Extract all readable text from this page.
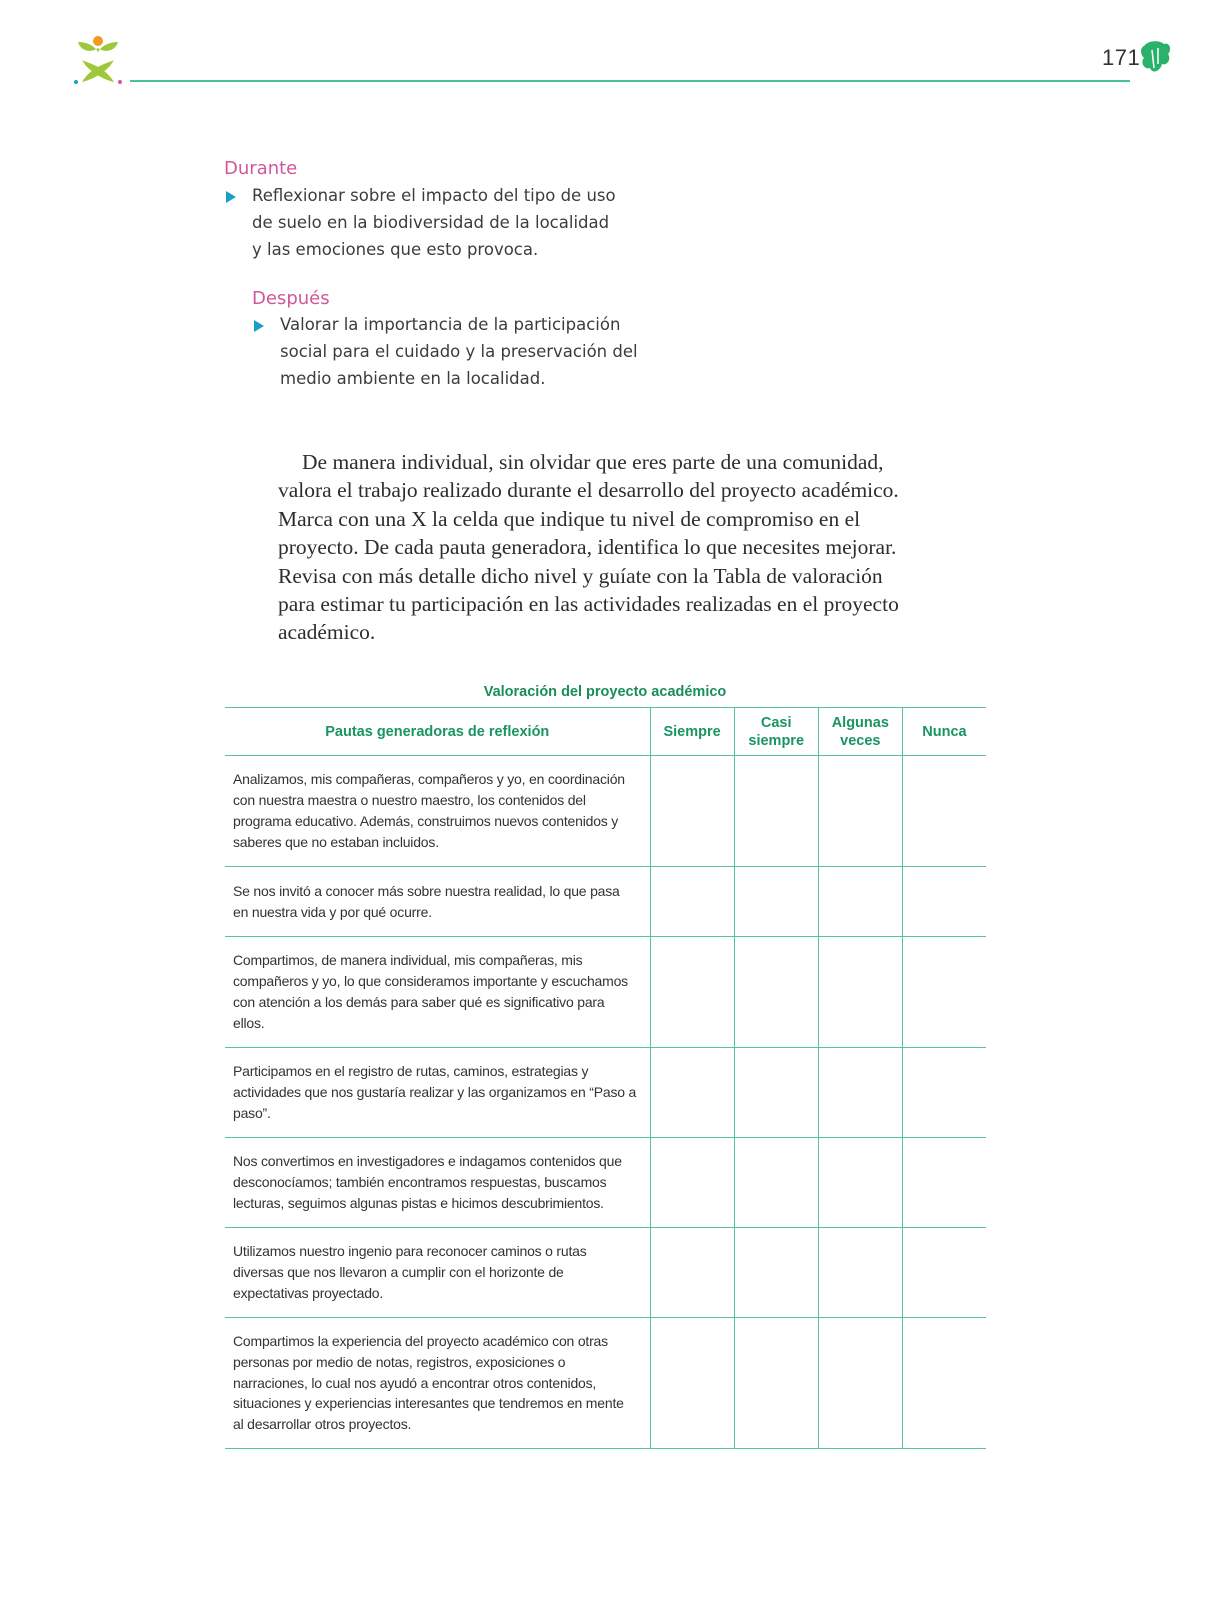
171
Durante
Reflexionar sobre el impacto del tipo de uso de suelo en la biodiversidad de la localidad y las emociones que esto provoca.
Después
Valorar la importancia de la participación social para el cuidado y la preservación del medio ambiente en la localidad.

De manera individual, sin olvidar que eres parte de una comunidad, valora el trabajo realizado durante el desarrollo del proyecto académico. Marca con una X la celda que indique tu nivel de compromiso en el proyecto. De cada pauta generadora, identifica lo que necesites mejorar. Revisa con más detalle dicho nivel y guíate con la Tabla de valoración para estimar tu participación en las actividades realizadas en el proyecto académico.

Valoración del proyecto académico
Pautas generadoras de reflexión	Siempre	Casi siempre	Algunas veces	Nunca
Analizamos, mis compañeras, compañeros y yo, en coordinación con nuestra maestra o nuestro maestro, los contenidos del programa educativo. Además, construimos nuevos contenidos y saberes que no estaban incluidos.				
Se nos invitó a conocer más sobre nuestra realidad, lo que pasa en nuestra vida y por qué ocurre.				
Compartimos, de manera individual, mis compañeras, mis compañeros y yo, lo que consideramos importante y escuchamos con atención a los demás para saber qué es significativo para ellos.				
Participamos en el registro de rutas, caminos, estrategias y actividades que nos gustaría realizar y las organizamos en “Paso a paso”.				
Nos convertimos en investigadores e indagamos contenidos que desconocíamos; también encontramos respuestas, buscamos lecturas, seguimos algunas pistas e hicimos descubrimientos.				
Utilizamos nuestro ingenio para reconocer caminos o rutas diversas que nos llevaron a cumplir con el horizonte de expectativas proyectado.				
Compartimos la experiencia del proyecto académico con otras personas por medio de notas, registros, exposiciones o narraciones, lo cual nos ayudó a encontrar otros contenidos, situaciones y experiencias interesantes que tendremos en mente al desarrollar otros proyectos.				
